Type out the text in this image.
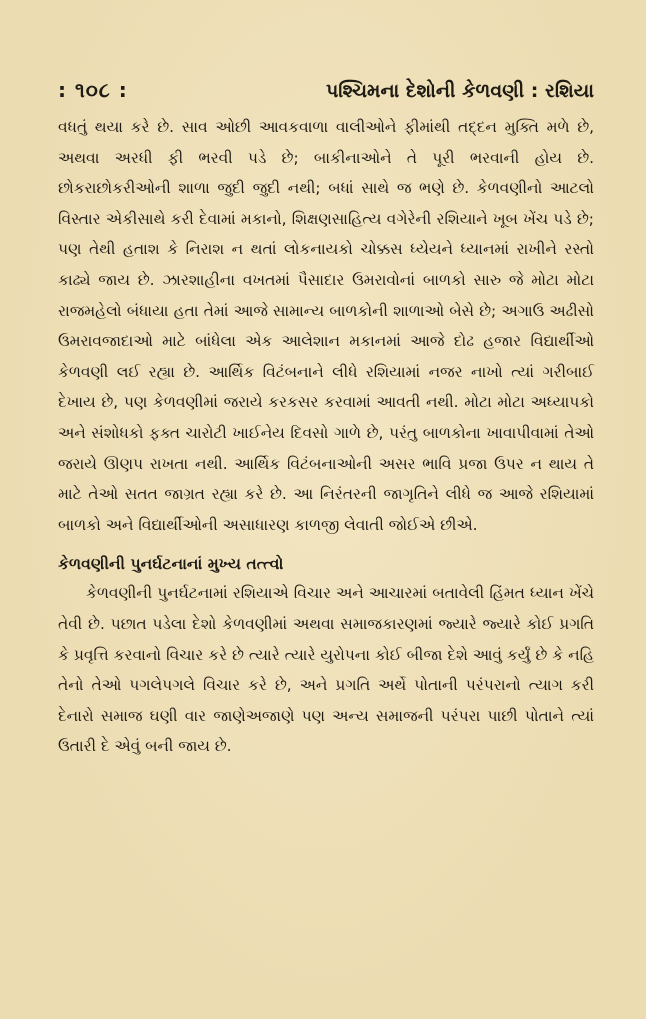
: ૧૦૮ :	પશ્ચિમના દેશોની કેળવણી : રશિયા

વધતું થયા કરે છે. સાવ ઓછી આવકવાળા વાલીઓને ફીમાંથી તદ્દન મુક્તિ મળે છે, અથવા અરધી ફી ભરવી પડે છે; બાકીનાઓને તે પૂરી ભરવાની હોય છે. છોકરાછોકરીઓની શાળા જુદી જુદી નથી; બધાં સાથે જ ભણે છે. કેળવણીનો આટલો વિસ્તાર એકીસાથે કરી દેવામાં મકાનો, શિક્ષણસાહિત્ય વગેરેની રશિયાને ખૂબ ખેંચ પડે છે; પણ તેથી હતાશ કે નિરાશ ન થતાં લોકનાયકો ચોક્કસ ધ્યેયને ધ્યાનમાં રાખીને રસ્તો કાઢ્યે જાય છે. ઝારશાહીના વખતમાં પૈસાદાર ઉમરાવોનાં બાળકો સારુ જે મોટા મોટા રાજમહેલો બંધાયા હતા તેમાં આજે સામાન્ય બાળકોની શાળાઓ બેસે છે; અગાઉ અઢીસો ઉમરાવજાદાઓ માટે બાંધેલા એક આલેશાન મકાનમાં આજે દોઢ હજાર વિદ્યાર્થીઓ કેળવણી લઈ રહ્યા છે. આર્થિક વિટંબનાને લીધે રશિયામાં નજર નાખો ત્યાં ગરીબાઈ દેખાય છે, પણ કેળવણીમાં જરાયે કરકસર કરવામાં આવતી નથી. મોટા મોટા અધ્યાપકો અને સંશોધકો ફક્ત ચારોટી ખાઈનેય દિવસો ગાળે છે, પરંતુ બાળકોના ખાવાપીવામાં તેઓ જરાયે ઊણપ રાખતા નથી. આર્થિક વિટંબનાઓની અસર ભાવિ પ્રજા ઉપર ન થાય તે માટે તેઓ સતત જાગ્રત રહ્યા કરે છે. આ નિરંતરની જાગૃતિને લીધે જ આજે રશિયામાં બાળકો અને વિદ્યાર્થીઓની અસાધારણ કાળજી લેવાતી જોઈએ છીએ.

કેળવણીની પુનર્ઘટનાનાં મુખ્ય તત્ત્વો

કેળવણીની પુનર્ઘટનામાં રશિયાએ વિચાર અને આચારમાં બતાવેલી હિંમત ધ્યાન ખેંચે તેવી છે. પછાત પડેલા દેશો કેળવણીમાં અથવા સમાજકારણમાં જ્યારે જ્યારે કોઈ પ્રગતિ કે પ્રવૃત્તિ કરવાનો વિચાર કરે છે ત્યારે ત્યારે યુરોપના કોઈ બીજા દેશે આવું કર્યું છે કે નહિ તેનો તેઓ પગલેપગલે વિચાર કરે છે, અને પ્રગતિ અર્થે પોતાની પરંપરાનો ત્યાગ કરી દેનારો સમાજ ઘણી વાર જાણેઅજાણે પણ અન્ય સમાજની પરંપરા પાછી પોતાને ત્યાં ઉતારી દે એવું બની જાય છે.
